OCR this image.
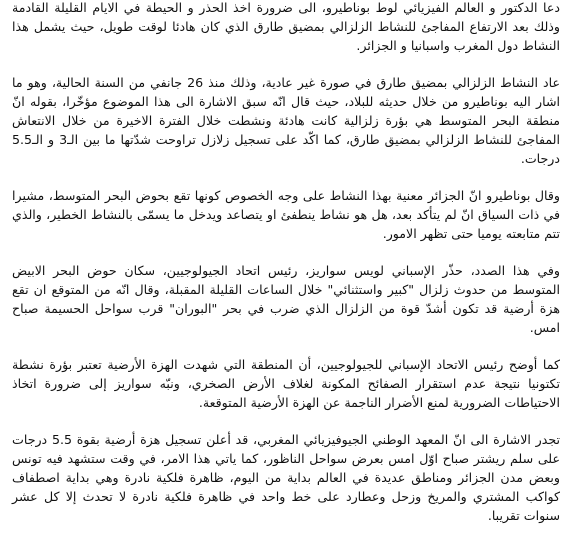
دعا الدكتور و العالم الفيزيائي لوط بوناطيرو، الى ضرورة اخذ الحذر و الحيطة في الايام القليلة القادمة وذلك بعد الارتفاع المفاجئ للنشاط الزلزالي بمضيق طارق الذي كان هادئا لوقت طويل، حيث يشمل هذا النشاط دول المغرب واسبانيا و الجزائر.

عاد النشاط الزلزالي بمضيق طارق في صورة غير عادية، وذلك منذ 26 جانفي من السنة الحالية، وهو ما اشار اليه بوناطيرو من خلال حديثه للبلاد، حيث قال انّه سبق الاشارة الى هذا الموضوع مؤخّرا، بقوله انّ منطقة البحر المتوسط هي بؤرة زلزالية كانت هادئة ونشطت خلال الفترة الاخيرة من خلال الانتعاش المفاجئ للنشاط الزلزالي بمضيق طارق، كما اكّد على تسجيل زلازل تراوحت شدّتها ما بين الـ3 و الـ5.5 درجات.

وقال بوناطيرو انّ الجزائر معنية بهذا النشاط على وجه الخصوص كونها تقع بحوض البحر المتوسط، مشيرا في ذات السياق انّ لم يتأكد بعد، هل هو نشاط ينطفئ او يتصاعد ويدخل ما يسمّى بالنشاط الخطير، والذي تتم متابعته يوميا حتى تظهر الامور.

وفي هذا الصدد، حذّر الإسباني لويس سواريز، رئيس اتحاد الجيولوجيين، سكان حوض البحر الابيض المتوسط من حدوث زلزال "كبير واستثنائي" خلال الساعات القليلة المقبلة، وقال انّه من المتوقع ان تقع هزة أرضية قد تكون أشدّ قوة من الزلزال الذي ضرب في بحر "البوران" قرب سواحل الحسيمة صباح امس.

كما أوضح رئيس الاتحاد الإسباني للجيولوجيين، أن المنطقة التي شهدت الهزة الأرضية تعتبر بؤرة نشطة تكتونيا نتيجة عدم استقرار الصفائح المكونة لغلاف الأرض الصخري، ونبّه سواريز إلى ضرورة اتخاذ الاحتياطات الضرورية لمنع الأضرار الناجمة عن الهزة الأرضية المتوقعة.

تجدر الاشارة الى انّ المعهد الوطني الجيوفيزيائي المغربي، قد أعلن تسجيل هزة أرضية بقوة 5.5 درجات على سلم ريشتر صباح اوّل امس بعرض سواحل الناظور، كما ياتي هذا الامر، في وقت ستشهد فيه تونس وبعض مدن الجزائر ومناطق عديدة في العالم بداية من اليوم، ظاهرة فلكية نادرة وهي بداية اصطفاف كواكب المشتري والمريخ وزحل وعطارد على خط واحد في ظاهرة فلكية نادرة لا تحدث إلا كل عشر سنوات تقريبا.
